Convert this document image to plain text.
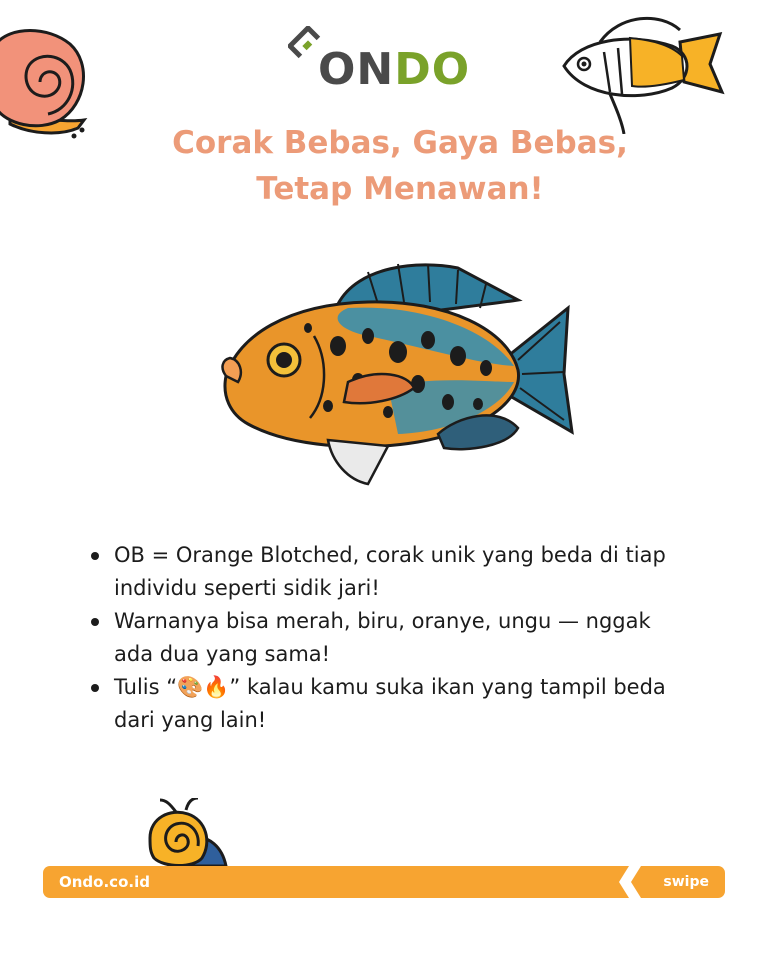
ONDO
Corak Bebas, Gaya Bebas,
Tetap Menawan!
OB = Orange Blotched, corak unik yang beda di tiap individu seperti sidik jari!
Warnanya bisa merah, biru, oranye, ungu — nggak ada dua yang sama!
Tulis “🎨🔥” kalau kamu suka ikan yang tampil beda dari yang lain!
Ondo.co.id	swipe
